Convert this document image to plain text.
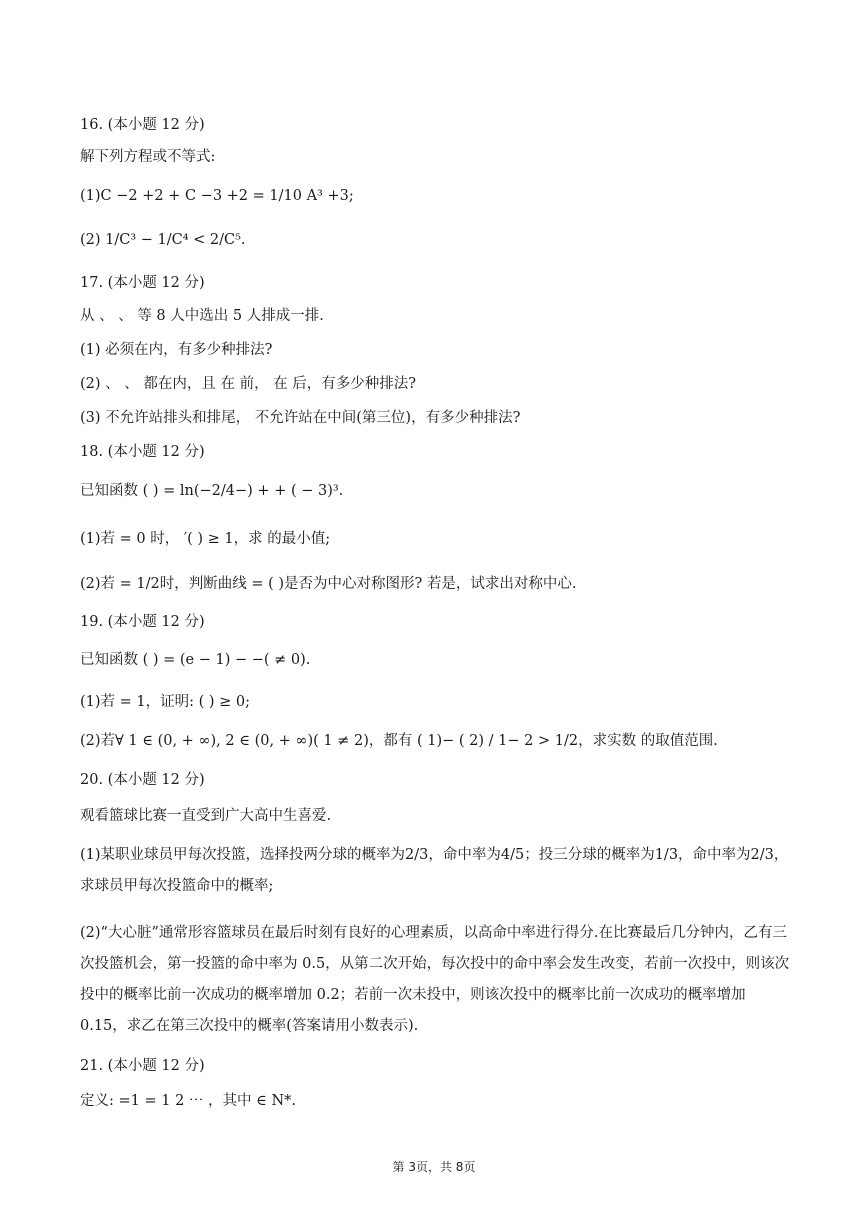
16. (本小题 12 分)
解下列方程或不等式:
(1)C −2 +2 + C −3 +2 = 1/10 A³ +3;
(2) 1/C³ − 1/C⁴ < 2/C⁵.
17. (本小题 12 分)
从 、 、 等 8 人中选出 5 人排成一排.
(1) 必须在内，有多少种排法?
(2) 、 、 都在内，且 在 前， 在 后，有多少种排法?
(3) 不允许站排头和排尾， 不允许站在中间(第三位)，有多少种排法?
18. (本小题 12 分)
已知函数 ( ) = ln(−2/4−) + + ( − 3)³.
(1)若 = 0 时， ′( ) ≥ 1，求 的最小值;
(2)若 = 1/2时，判断曲线 = ( )是否为中心对称图形? 若是，试求出对称中心.
19. (本小题 12 分)
已知函数 ( ) = (e − 1) − −( ≠ 0).
(1)若 = 1，证明: ( ) ≥ 0;
(2)若∀ 1 ∈ (0, + ∞), 2 ∈ (0, + ∞)( 1 ≠ 2)，都有 ( 1)− ( 2) / 1− 2 > 1/2，求实数 的取值范围.
20. (本小题 12 分)
观看篮球比赛一直受到广大高中生喜爱.
(1)某职业球员甲每次投篮，选择投两分球的概率为2/3，命中率为4/5；投三分球的概率为1/3，命中率为2/3，求球员甲每次投篮命中的概率;
(2)“大心脏”通常形容篮球员在最后时刻有良好的心理素质，以高命中率进行得分.在比赛最后几分钟内，乙有三次投篮机会，第一投篮的命中率为 0.5，从第二次开始，每次投中的命中率会发生改变，若前一次投中，则该次投中的概率比前一次成功的概率增加 0.2；若前一次未投中，则该次投中的概率比前一次成功的概率增加 0.15，求乙在第三次投中的概率(答案请用小数表示).
21. (本小题 12 分)
定义: =1 = 1 2 ⋯ ，其中 ∈ N*.
第 3页，共 8页
